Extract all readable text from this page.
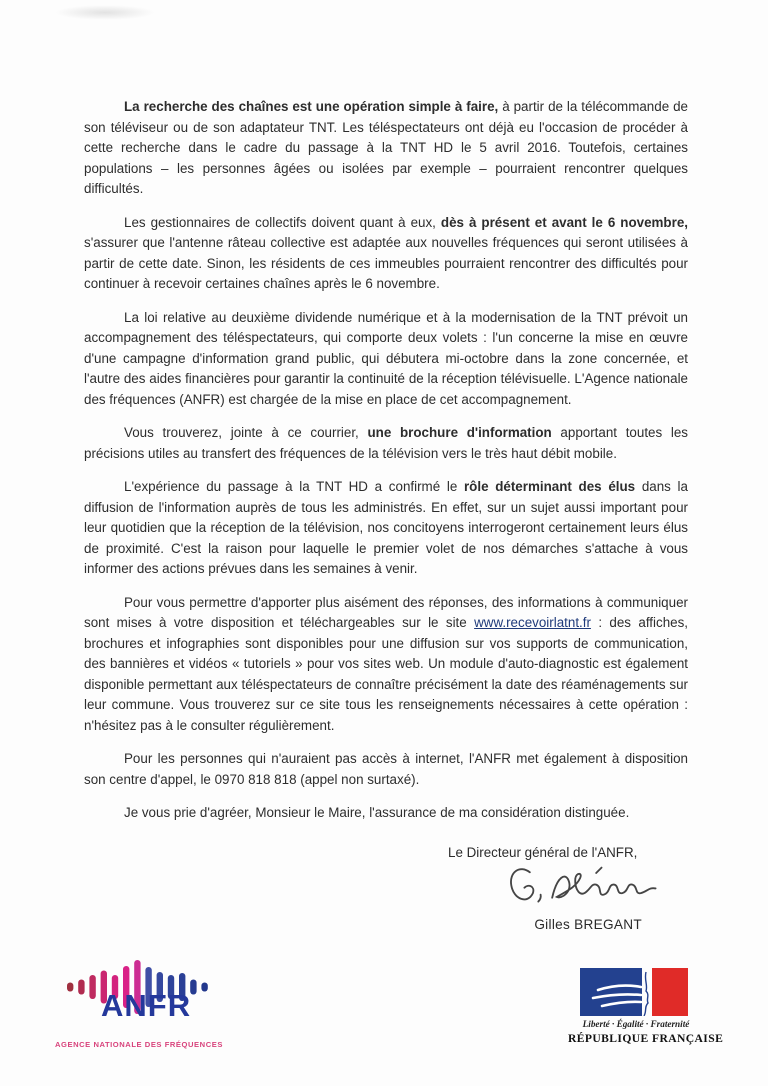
La recherche des chaînes est une opération simple à faire, à partir de la télécommande de son téléviseur ou de son adaptateur TNT. Les téléspectateurs ont déjà eu l'occasion de procéder à cette recherche dans le cadre du passage à la TNT HD le 5 avril 2016. Toutefois, certaines populations – les personnes âgées ou isolées par exemple – pourraient rencontrer quelques difficultés.

Les gestionnaires de collectifs doivent quant à eux, dès à présent et avant le 6 novembre, s'assurer que l'antenne râteau collective est adaptée aux nouvelles fréquences qui seront utilisées à partir de cette date. Sinon, les résidents de ces immeubles pourraient rencontrer des difficultés pour continuer à recevoir certaines chaînes après le 6 novembre.

La loi relative au deuxième dividende numérique et à la modernisation de la TNT prévoit un accompagnement des téléspectateurs, qui comporte deux volets : l'un concerne la mise en œuvre d'une campagne d'information grand public, qui débutera mi-octobre dans la zone concernée, et l'autre des aides financières pour garantir la continuité de la réception télévisuelle. L'Agence nationale des fréquences (ANFR) est chargée de la mise en place de cet accompagnement.

Vous trouverez, jointe à ce courrier, une brochure d'information apportant toutes les précisions utiles au transfert des fréquences de la télévision vers le très haut débit mobile.

L'expérience du passage à la TNT HD a confirmé le rôle déterminant des élus dans la diffusion de l'information auprès de tous les administrés. En effet, sur un sujet aussi important pour leur quotidien que la réception de la télévision, nos concitoyens interrogeront certainement leurs élus de proximité. C'est la raison pour laquelle le premier volet de nos démarches s'attache à vous informer des actions prévues dans les semaines à venir.

Pour vous permettre d'apporter plus aisément des réponses, des informations à communiquer sont mises à votre disposition et téléchargeables sur le site www.recevoirlatnt.fr : des affiches, brochures et infographies sont disponibles pour une diffusion sur vos supports de communication, des bannières et vidéos « tutoriels » pour vos sites web. Un module d'auto-diagnostic est également disponible permettant aux téléspectateurs de connaître précisément la date des réaménagements sur leur commune. Vous trouverez sur ce site tous les renseignements nécessaires à cette opération : n'hésitez pas à le consulter régulièrement.

Pour les personnes qui n'auraient pas accès à internet, l'ANFR met également à disposition son centre d'appel, le 0970 818 818 (appel non surtaxé).

Je vous prie d'agréer, Monsieur le Maire, l'assurance de ma considération distinguée.

Le Directeur général de l'ANFR,
Gilles BREGANT
ANFR
AGENCE NATIONALE DES FRÉQUENCES
Liberté · Égalité · Fraternité
RÉPUBLIQUE FRANÇAISE
